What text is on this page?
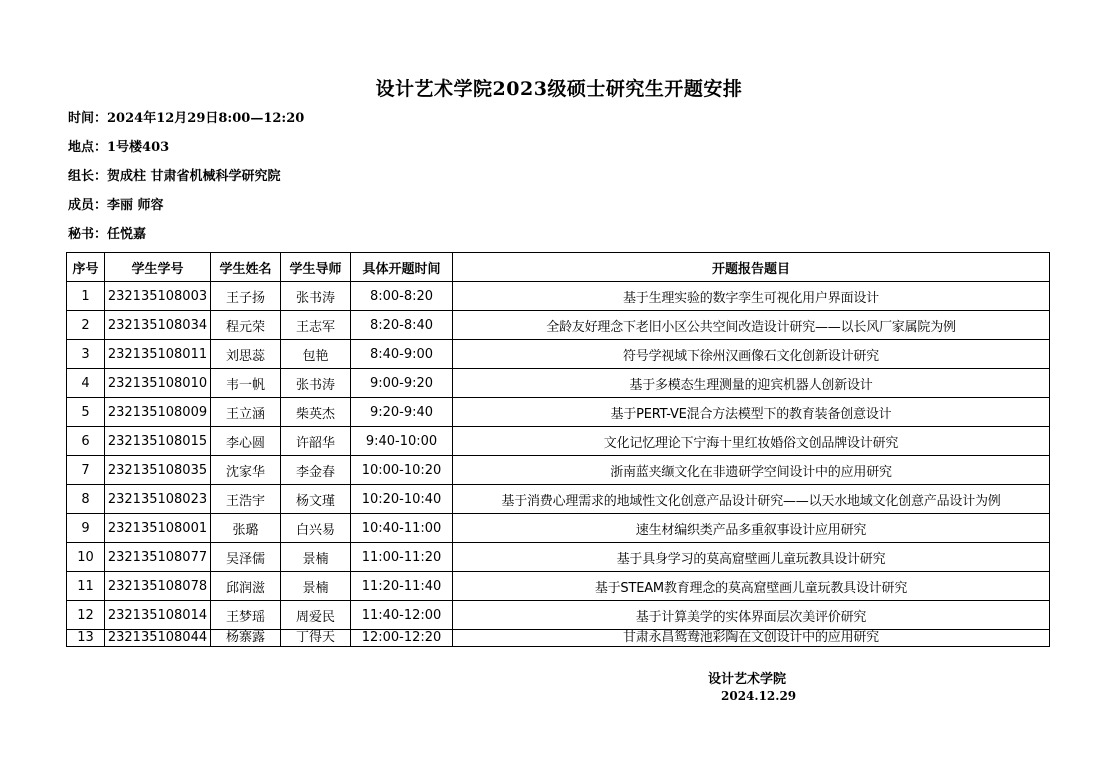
设计艺术学院2023级硕士研究生开题安排
时间：2024年12月29日8:00—12:20
地点：1号楼403
组长：贺成柱 甘肃省机械科学研究院
成员：李丽 师容
秘书：任悦嘉
序号	学生学号	学生姓名	学生导师	具体开题时间	开题报告题目
1	232135108003	王子扬	张书涛	8:00-8:20	基于生理实验的数字孪生可视化用户界面设计
2	232135108034	程元荣	王志军	8:20-8:40	全龄友好理念下老旧小区公共空间改造设计研究——以长风厂家属院为例
3	232135108011	刘思蕊	包艳	8:40-9:00	符号学视域下徐州汉画像石文化创新设计研究
4	232135108010	韦一帆	张书涛	9:00-9:20	基于多模态生理测量的迎宾机器人创新设计
5	232135108009	王立涵	柴英杰	9:20-9:40	基于PERT-VE混合方法模型下的教育装备创意设计
6	232135108015	李心圆	许韶华	9:40-10:00	文化记忆理论下宁海十里红妆婚俗文创品牌设计研究
7	232135108035	沈家华	李金春	10:00-10:20	浙南蓝夹缬文化在非遗研学空间设计中的应用研究
8	232135108023	王浩宇	杨文瑾	10:20-10:40	基于消费心理需求的地域性文化创意产品设计研究——以天水地域文化创意产品设计为例
9	232135108001	张璐	白兴易	10:40-11:00	速生材编织类产品多重叙事设计应用研究
10	232135108077	吴泽儒	景楠	11:00-11:20	基于具身学习的莫高窟壁画儿童玩教具设计研究
11	232135108078	邱润滋	景楠	11:20-11:40	基于STEAM教育理念的莫高窟壁画儿童玩教具设计研究
12	232135108014	王梦瑶	周爱民	11:40-12:00	基于计算美学的实体界面层次美评价研究
13	232135108044	杨寨露	丁得天	12:00-12:20	甘肃永昌鸳鸯池彩陶在文创设计中的应用研究
设计艺术学院
2024.12.29
